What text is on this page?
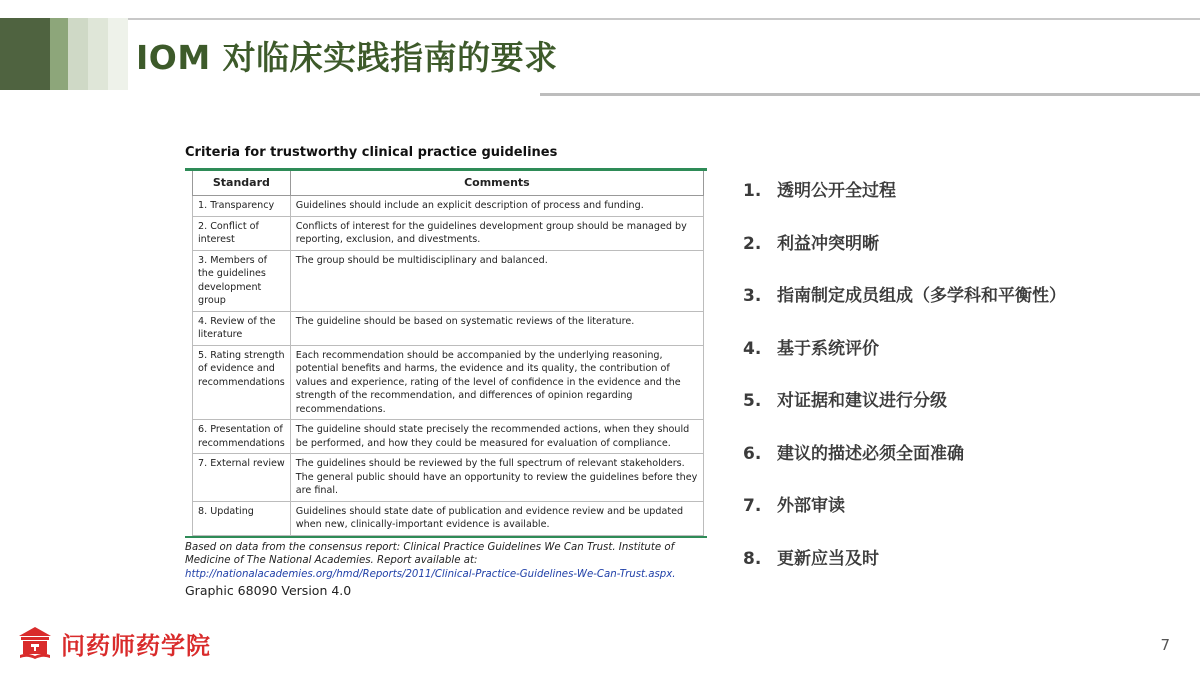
IOM 对临床实践指南的要求
Criteria for trustworthy clinical practice guidelines
Standard	Comments
1. Transparency	Guidelines should include an explicit description of process and funding.
2. Conflict of interest	Conflicts of interest for the guidelines development group should be managed by reporting, exclusion, and divestments.
3. Members of the guidelines development group	The group should be multidisciplinary and balanced.
4. Review of the literature	The guideline should be based on systematic reviews of the literature.
5. Rating strength of evidence and recommendations	Each recommendation should be accompanied by the underlying reasoning, potential benefits and harms, the evidence and its quality, the contribution of values and experience, rating of the level of confidence in the evidence and the strength of the recommendation, and differences of opinion regarding recommendations.
6. Presentation of recommendations	The guideline should state precisely the recommended actions, when they should be performed, and how they could be measured for evaluation of compliance.
7. External review	The guidelines should be reviewed by the full spectrum of relevant stakeholders. The general public should have an opportunity to review the guidelines before they are final.
8. Updating	Guidelines should state date of publication and evidence review and be updated when new, clinically-important evidence is available.
Based on data from the consensus report: Clinical Practice Guidelines We Can Trust. Institute of Medicine of The National Academies. Report available at: http://nationalacademies.org/hmd/Reports/2011/Clinical-Practice-Guidelines-We-Can-Trust.aspx.
Graphic 68090 Version 4.0
1. 透明公开全过程
2. 利益冲突明晰
3. 指南制定成员组成（多学科和平衡性）
4. 基于系统评价
5. 对证据和建议进行分级
6. 建议的描述必须全面准确
7. 外部审读
8. 更新应当及时
问药师药学院	7
